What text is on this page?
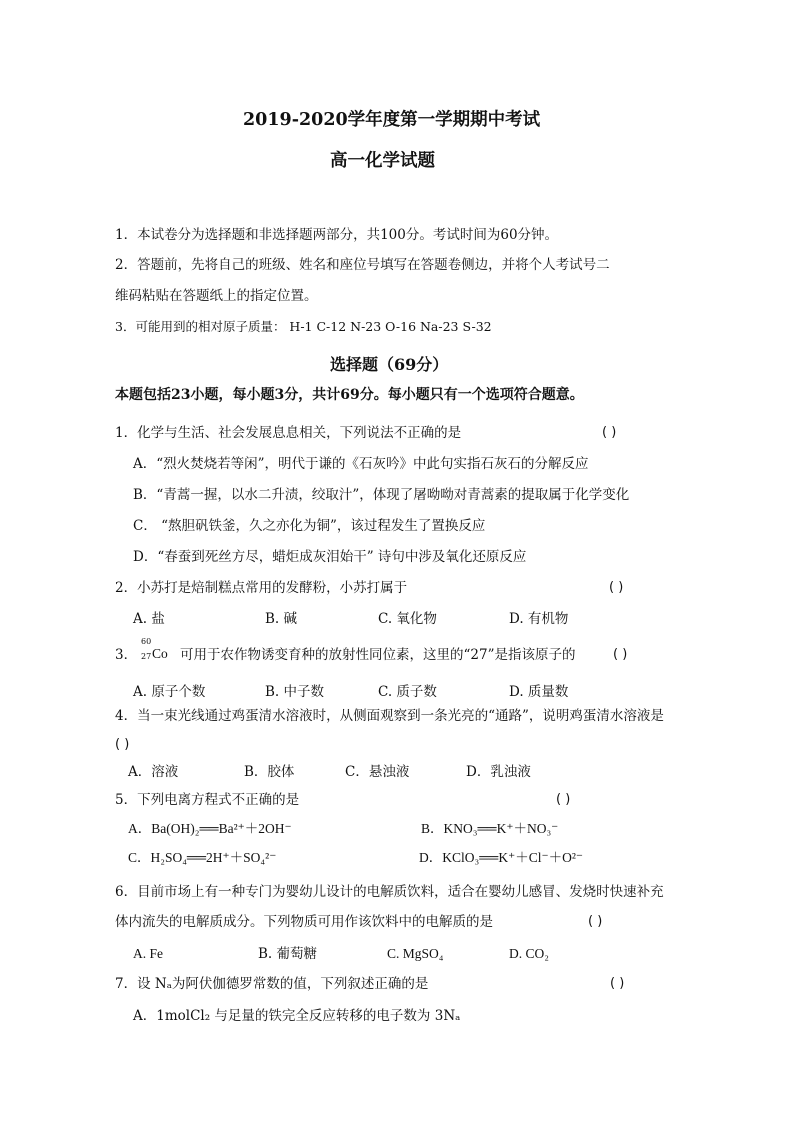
2019-2020学年度第一学期期中考试
高一化学试题
1．本试卷分为选择题和非选择题两部分，共100分。考试时间为60分钟。
2．答题前，先将自己的班级、姓名和座位号填写在答题卷侧边，并将个人考试号二
维码粘贴在答题纸上的指定位置。
3．可能用到的相对原子质量： H-1 C-12 N-23 O-16 Na-23 S-32
选择题（69分）
本题包括23小题，每小题3分，共计69分。每小题只有一个选项符合题意。
1．化学与生活、社会发展息息相关，下列说法不正确的是	( )
A．“烈火焚烧若等闲”，明代于谦的《石灰吟》中此句实指石灰石的分解反应
B．“青蒿一握，以水二升渍，绞取汁”，体现了屠呦呦对青蒿素的提取属于化学变化
C． “熬胆矾铁釜，久之亦化为铜”，该过程发生了置换反应
D．“春蚕到死丝方尽，蜡炬成灰泪始干” 诗句中涉及氧化还原反应
2．小苏打是焙制糕点常用的发酵粉，小苏打属于	( )
A. 盐	B. 碱	C. 氧化物	D. 有机物
3．
60
27 Co 可用于农作物诱变育种的放射性同位素，这里的“27”是指该原子的	( )
A. 原子个数	B. 中子数	C. 质子数	D. 质量数
4．当一束光线通过鸡蛋清水溶液时，从侧面观察到一条光亮的“通路”，说明鸡蛋清水溶液是
( )
A．溶液	B．胶体	C．悬浊液	D．乳浊液
5．下列电离方程式不正确的是	( )
A．Ba(OH)₂══Ba²⁺＋2OH⁻	B．KNO₃══K⁺＋NO₃⁻
C．H₂SO₄══2H⁺＋SO₄²⁻	D．KClO₃══K⁺＋Cl⁻＋O²⁻
6．目前市场上有一种专门为婴幼儿设计的电解质饮料，适合在婴幼儿感冒、发烧时快速补充
体内流失的电解质成分。下列物质可用作该饮料中的电解质的是	( )
A. Fe	B. 葡萄糖	C. MgSO₄	D. CO₂
7．设 Nₐ为阿伏伽德罗常数的值，下列叙述正确的是	( )
A．1molCl₂ 与足量的铁完全反应转移的电子数为 3Nₐ
